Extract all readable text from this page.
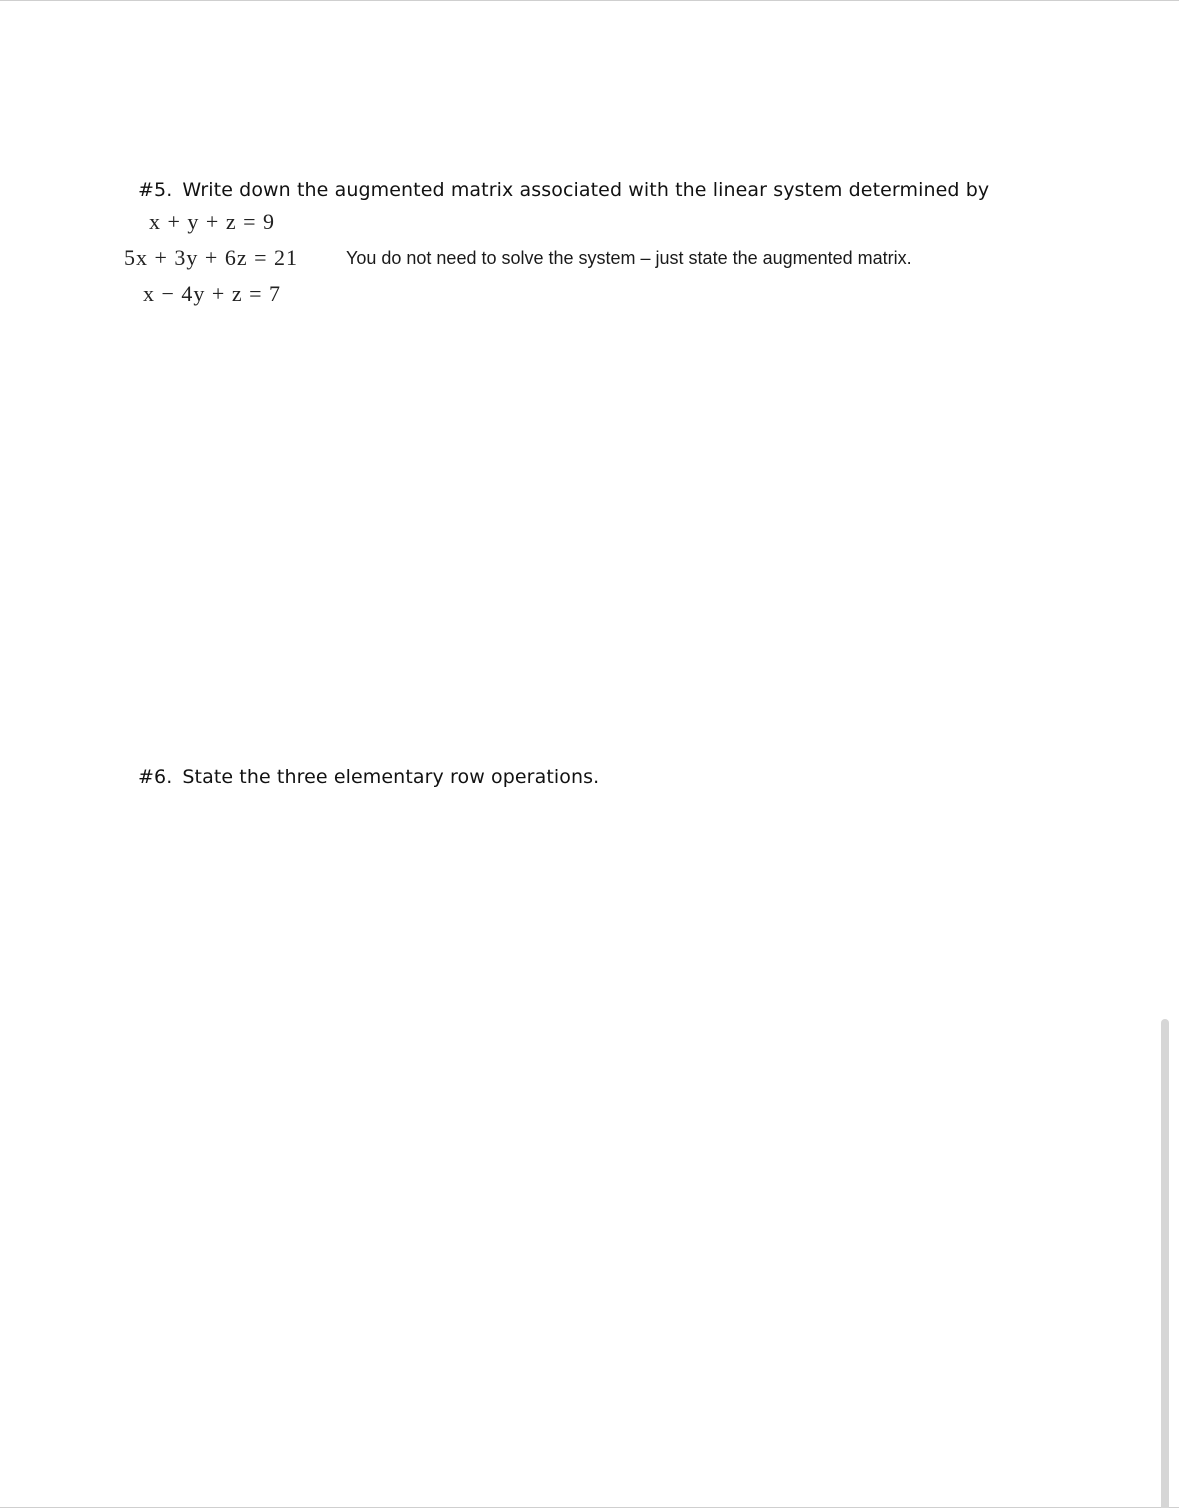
#5. Write down the augmented matrix associated with the linear system determined by
x + y + z = 9
5x + 3y + 6z = 21
x − 4y + z = 7
You do not need to solve the system – just state the augmented matrix.
#6. State the three elementary row operations.
